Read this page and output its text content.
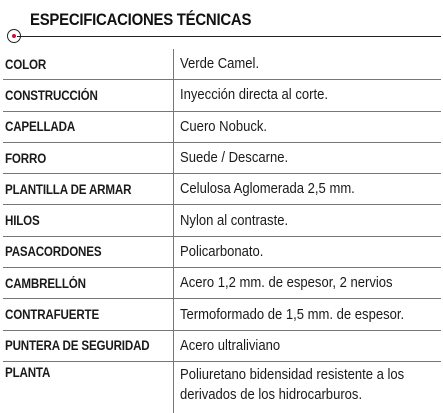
ESPECIFICACIONES TÉCNICAS
COLOR	Verde Camel.
CONSTRUCCIÓN	Inyección directa al corte.
CAPELLADA	Cuero Nobuck.
FORRO	Suede / Descarne.
PLANTILLA DE ARMAR	Celulosa Aglomerada 2,5 mm.
HILOS	Nylon al contraste.
PASACORDONES	Policarbonato.
CAMBRELLÓN	Acero 1,2 mm. de espesor, 2 nervios
CONTRAFUERTE	Termoformado de 1,5 mm. de espesor.
PUNTERA DE SEGURIDAD	Acero ultraliviano
PLANTA	Poliuretano bidensidad resistente a los
derivados de los hidrocarburos.
